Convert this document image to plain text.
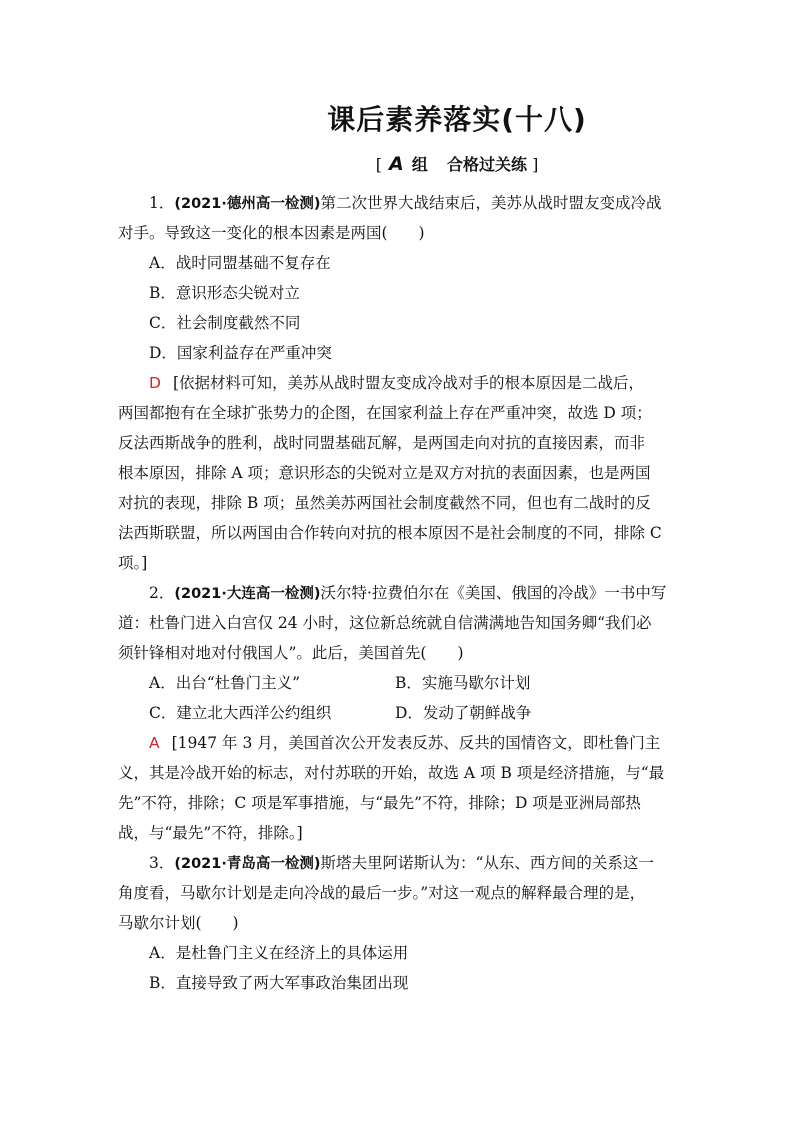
课后素养落实(十八)
[ A 组 合格过关练 ]
1．(2021·德州高一检测)第二次世界大战结束后，美苏从战时盟友变成冷战
对手。导致这一变化的根本因素是两国(　　)
A．战时同盟基础不复存在
B．意识形态尖锐对立
C．社会制度截然不同
D．国家利益存在严重冲突
D [依据材料可知，美苏从战时盟友变成冷战对手的根本原因是二战后，
两国都抱有在全球扩张势力的企图，在国家利益上存在严重冲突，故选 D 项；
反法西斯战争的胜利，战时同盟基础瓦解，是两国走向对抗的直接因素，而非
根本原因，排除 A 项；意识形态的尖锐对立是双方对抗的表面因素，也是两国
对抗的表现，排除 B 项；虽然美苏两国社会制度截然不同，但也有二战时的反
法西斯联盟，所以两国由合作转向对抗的根本原因不是社会制度的不同，排除 C
项。]
2．(2021·大连高一检测)沃尔特·拉费伯尔在《美国、俄国的冷战》一书中写
道：杜鲁门进入白宫仅 24 小时，这位新总统就自信满满地告知国务卿“我们必
须针锋相对地对付俄国人”。此后，美国首先(　　)
A．出台“杜鲁门主义”	B．实施马歇尔计划
C．建立北大西洋公约组织	D．发动了朝鲜战争
A [1947 年 3 月，美国首次公开发表反苏、反共的国情咨文，即杜鲁门主
义，其是冷战开始的标志，对付苏联的开始，故选 A 项 B 项是经济措施，与“最
先”不符，排除；C 项是军事措施，与“最先”不符，排除；D 项是亚洲局部热
战，与“最先”不符，排除。]
3．(2021·青岛高一检测)斯塔夫里阿诺斯认为：“从东、西方间的关系这一
角度看，马歇尔计划是走向冷战的最后一步。”对这一观点的解释最合理的是，
马歇尔计划(　　)
A．是杜鲁门主义在经济上的具体运用
B．直接导致了两大军事政治集团出现
